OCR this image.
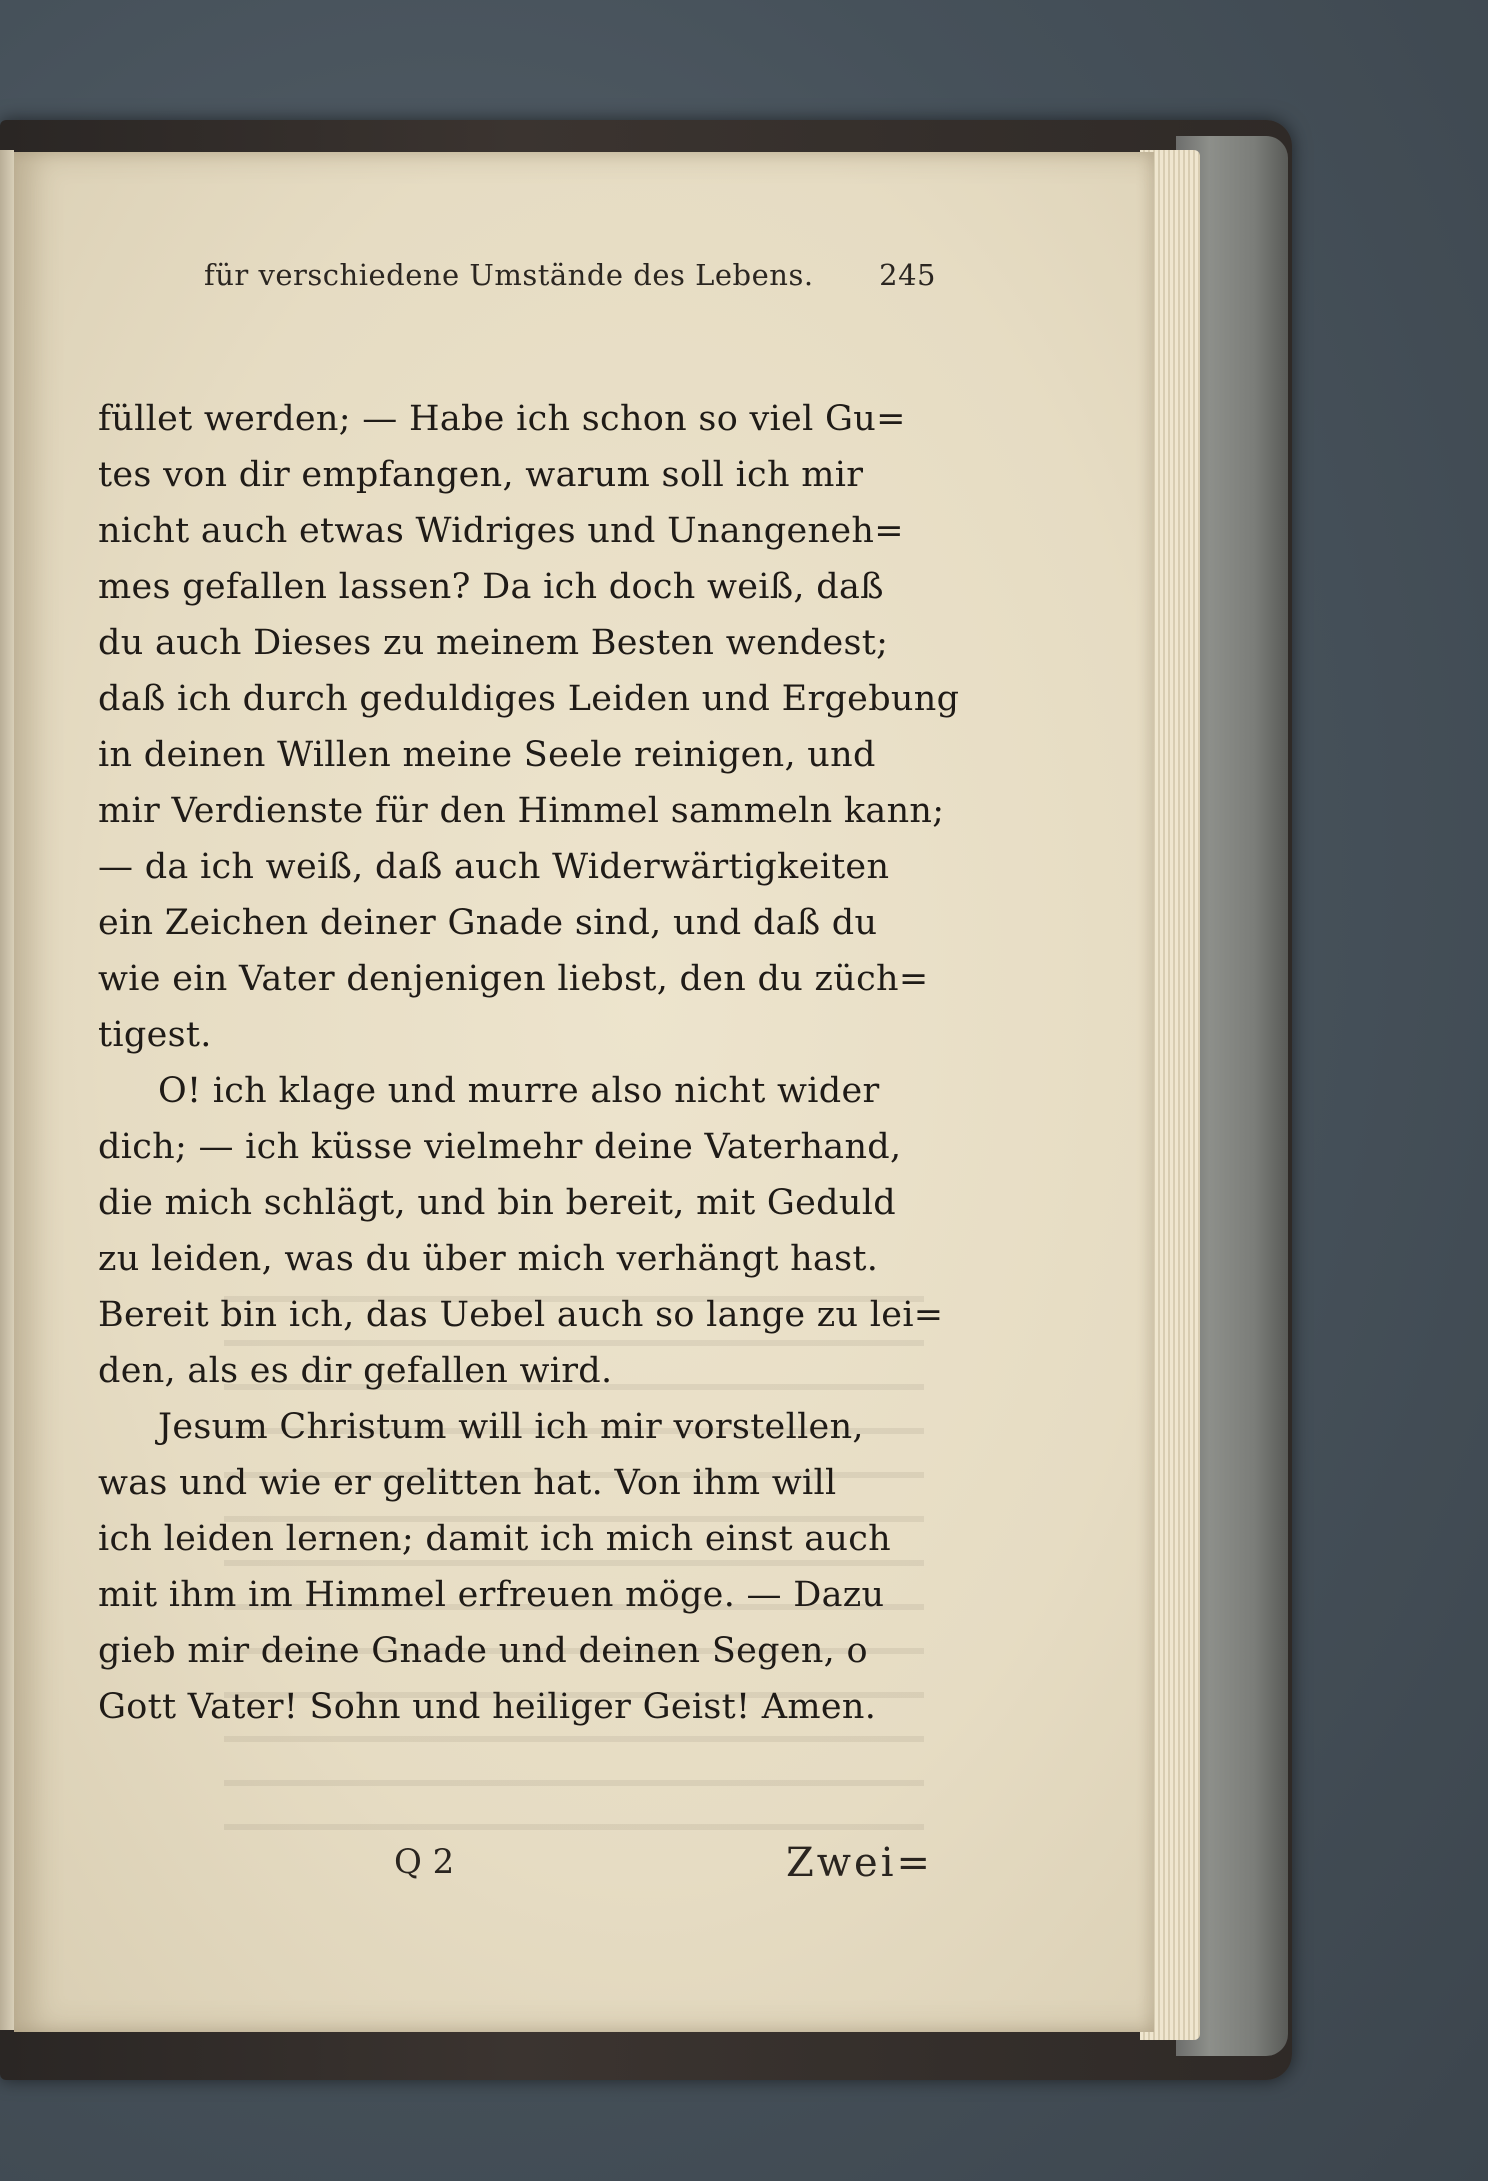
für verschiedene Umstände des Lebens. 245
füllet werden; — Habe ich schon so viel Gu=
tes von dir empfangen, warum soll ich mir
nicht auch etwas Widriges und Unangeneh=
mes gefallen lassen? Da ich doch weiß, daß
du auch Dieses zu meinem Besten wendest;
daß ich durch geduldiges Leiden und Ergebung
in deinen Willen meine Seele reinigen, und
mir Verdienste für den Himmel sammeln kann;
— da ich weiß, daß auch Widerwärtigkeiten
ein Zeichen deiner Gnade sind, und daß du
wie ein Vater denjenigen liebst, den du züch=
tigest.
O! ich klage und murre also nicht wider
dich; — ich küsse vielmehr deine Vaterhand,
die mich schlägt, und bin bereit, mit Geduld
zu leiden, was du über mich verhängt hast.
Bereit bin ich, das Uebel auch so lange zu lei=
den, als es dir gefallen wird.
Jesum Christum will ich mir vorstellen,
was und wie er gelitten hat. Von ihm will
ich leiden lernen; damit ich mich einst auch
mit ihm im Himmel erfreuen möge. — Dazu
gieb mir deine Gnade und deinen Segen, o
Gott Vater! Sohn und heiliger Geist! Amen.
Q 2	Zwei=
